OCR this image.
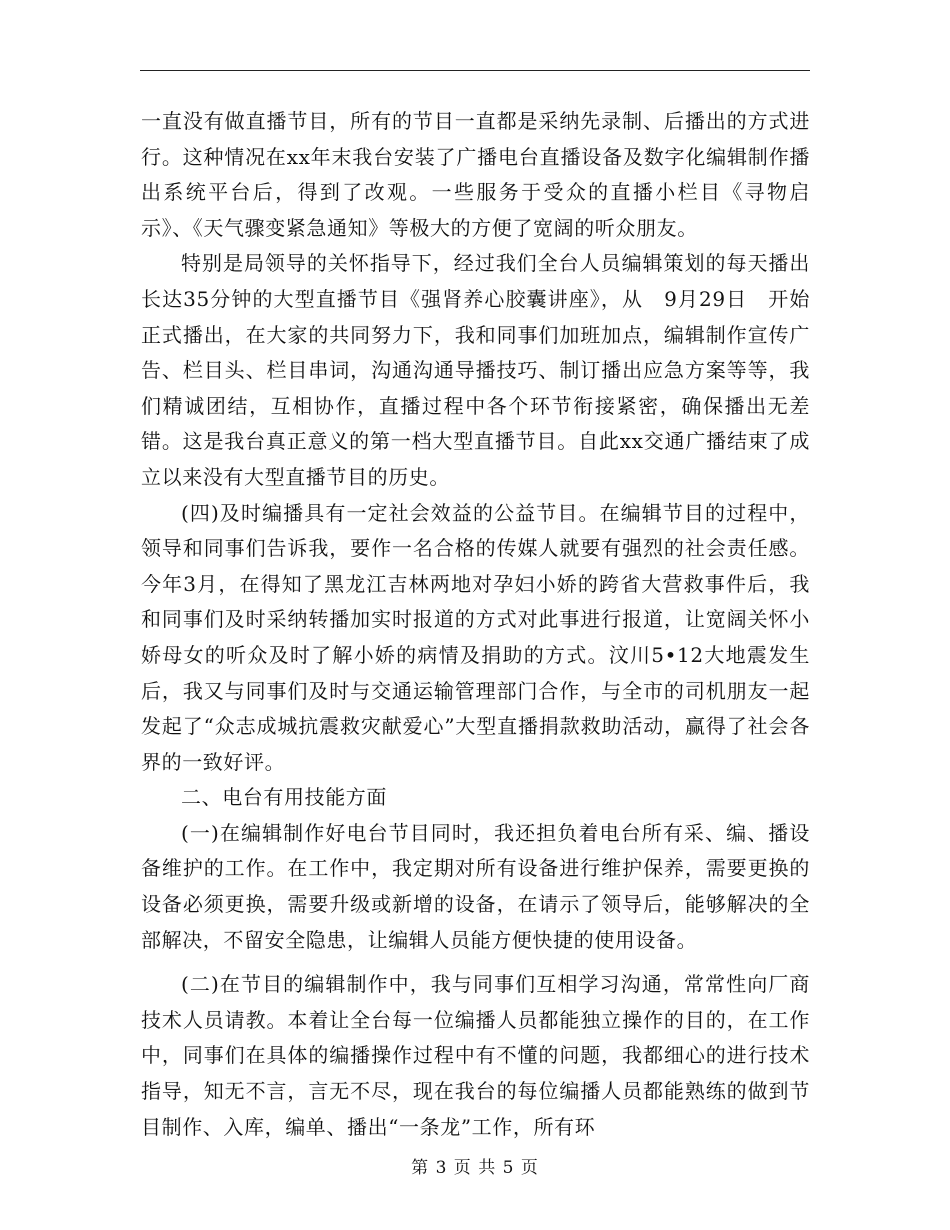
一直没有做直播节目，所有的节目一直都是采纳先录制、后播出的方式进行。这种情况在xx年末我台安装了广播电台直播设备及数字化编辑制作播出系统平台后，得到了改观。一些服务于受众的直播小栏目《寻物启示》、《天气骤变紧急通知》等极大的方便了宽阔的听众朋友。

特别是局领导的关怀指导下，经过我们全台人员编辑策划的每天播出长达35分钟的大型直播节目《强肾养心胶囊讲座》，从　9月29日　开始正式播出，在大家的共同努力下，我和同事们加班加点，编辑制作宣传广告、栏目头、栏目串词，沟通沟通导播技巧、制订播出应急方案等等，我们精诚团结，互相协作，直播过程中各个环节衔接紧密，确保播出无差错。这是我台真正意义的第一档大型直播节目。自此xx交通广播结束了成立以来没有大型直播节目的历史。

(四)及时编播具有一定社会效益的公益节目。在编辑节目的过程中，领导和同事们告诉我，要作一名合格的传媒人就要有强烈的社会责任感。今年3月，在得知了黑龙江吉林两地对孕妇小娇的跨省大营救事件后，我和同事们及时采纳转播加实时报道的方式对此事进行报道，让宽阔关怀小娇母女的听众及时了解小娇的病情及捐助的方式。汶川5•12大地震发生后，我又与同事们及时与交通运输管理部门合作，与全市的司机朋友一起发起了“众志成城抗震救灾献爱心”大型直播捐款救助活动，赢得了社会各界的一致好评。

二、电台有用技能方面

(一)在编辑制作好电台节目同时，我还担负着电台所有采、编、播设备维护的工作。在工作中，我定期对所有设备进行维护保养，需要更换的设备必须更换，需要升级或新增的设备，在请示了领导后，能够解决的全部解决，不留安全隐患，让编辑人员能方便快捷的使用设备。

(二)在节目的编辑制作中，我与同事们互相学习沟通，常常性向厂商技术人员请教。本着让全台每一位编播人员都能独立操作的目的，在工作中，同事们在具体的编播操作过程中有不懂的问题，我都细心的进行技术指导，知无不言，言无不尽，现在我台的每位编播人员都能熟练的做到节目制作、入库，编单、播出“一条龙”工作，所有环

第 3 页 共 5 页
